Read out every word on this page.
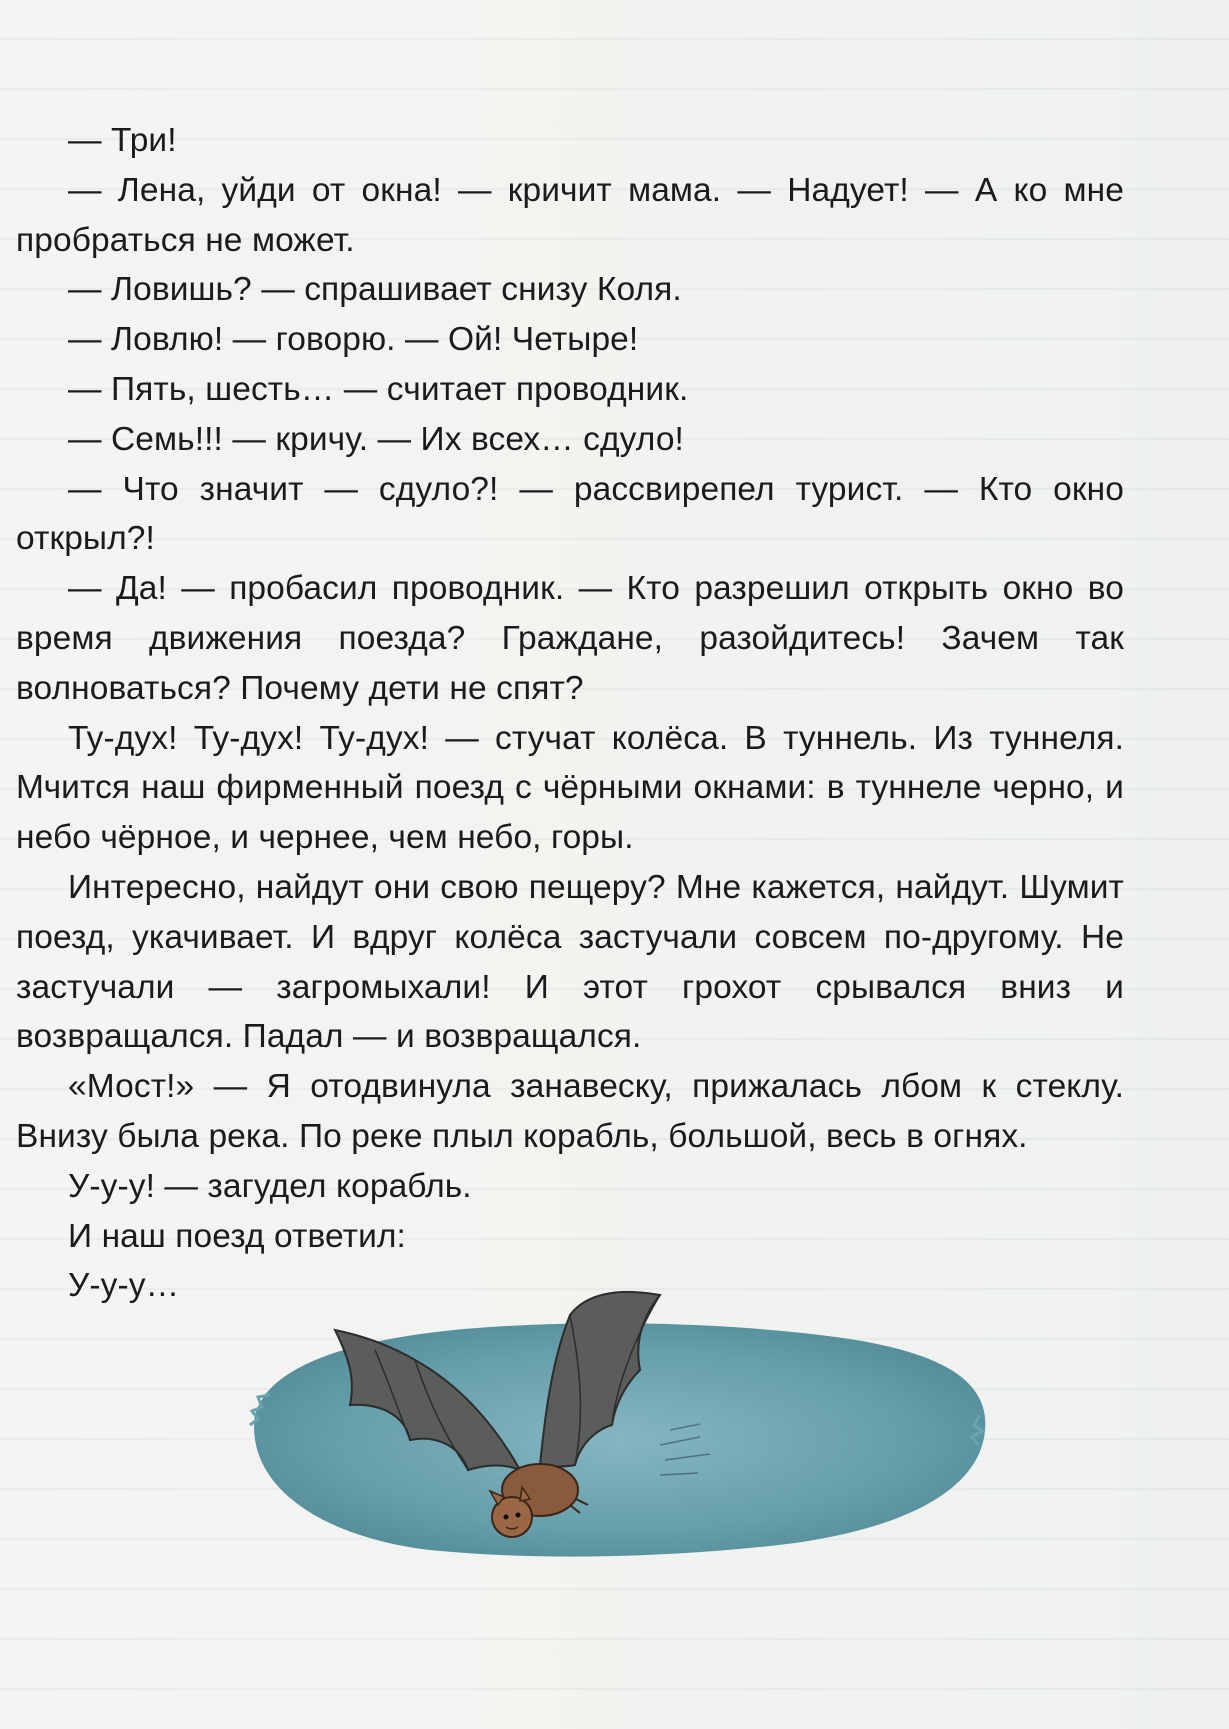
— Три!

— Лена, уйди от окна! — кричит мама. — Надует! — А ко мне пробраться не может.

— Ловишь? — спрашивает снизу Коля.

— Ловлю! — говорю. — Ой! Четыре!

— Пять, шесть… — считает проводник.

— Семь!!! — кричу. — Их всех… сдуло!

— Что значит — сдуло?! — рассвирепел турист. — Кто окно открыл?!

— Да! — пробасил проводник. — Кто разрешил открыть окно во время движения поезда? Граждане, разойдитесь! Зачем так волноваться? Почему дети не спят?

Ту-дух! Ту-дух! Ту-дух! — стучат колёса. В туннель. Из туннеля. Мчится наш фирменный поезд с чёрными окнами: в туннеле черно, и небо чёрное, и чернее, чем небо, горы.

Интересно, найдут они свою пещеру? Мне кажется, найдут. Шумит поезд, укачивает. И вдруг колёса застучали совсем по-другому. Не застучали — загромыхали! И этот грохот срывался вниз и возвращался. Падал — и возвращался.

«Мост!» — Я отодвинула занавеску, прижалась лбом к стеклу. Внизу была река. По реке плыл корабль, большой, весь в огнях.

У-у-у! — загудел корабль.

И наш поезд ответил:

У-у-у…
